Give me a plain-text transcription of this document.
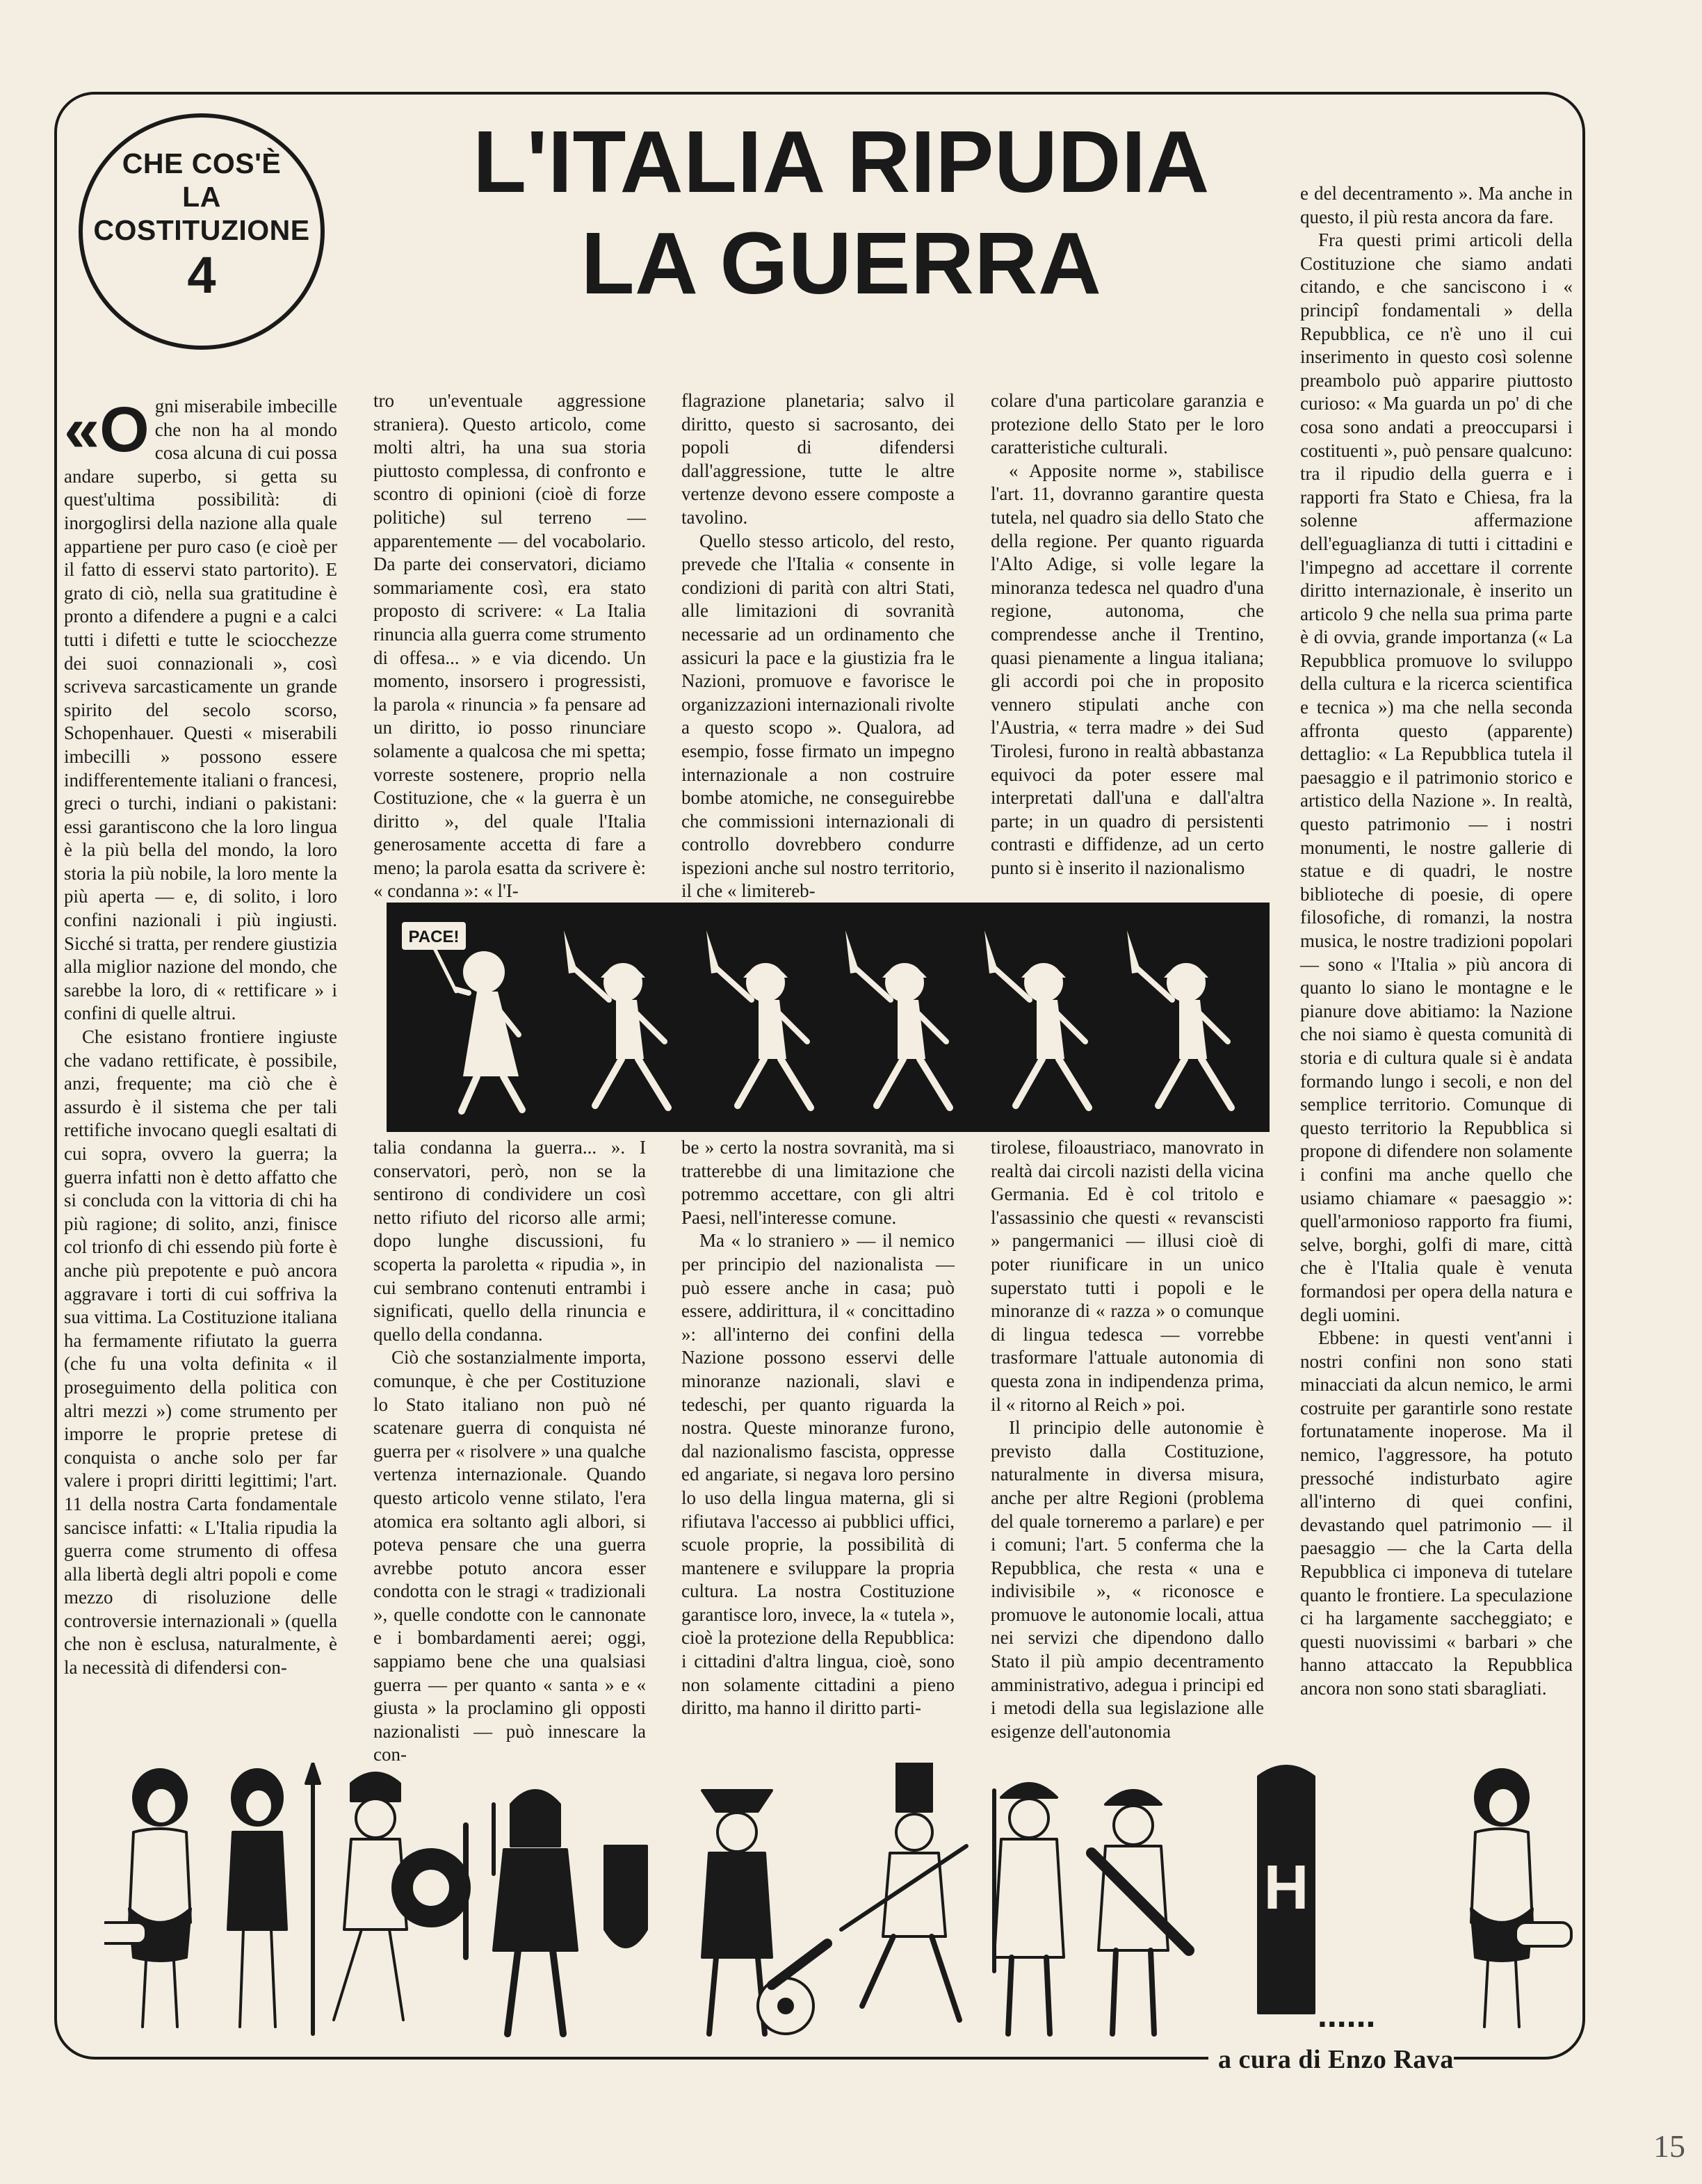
CHE COS'È
LA
COSTITUZIONE
4
L'ITALIA RIPUDIA
LA GUERRA

«Ogni miserabile imbecille che non ha al mondo cosa alcuna di cui possa andare superbo, si getta su quest'ultima possibilità: di inorgoglirsi della nazione alla quale appartiene per puro caso (e cioè per il fatto di esservi stato partorito). E grato di ciò, nella sua gratitudine è pronto a difendere a pugni e a calci tutti i difetti e tutte le sciocchezze dei suoi connazionali », così scriveva sarcasticamente un grande spirito del secolo scorso, Schopenhauer. Questi « miserabili imbecilli » possono essere indifferentemente italiani o francesi, greci o turchi, indiani o pakistani: essi garantiscono che la loro lingua è la più bella del mondo, la loro storia la più nobile, la loro mente la più aperta — e, di solito, i loro confini nazionali i più ingiusti. Sicché si tratta, per rendere giustizia alla miglior nazione del mondo, che sarebbe la loro, di « rettificare » i confini di quelle altrui.

Che esistano frontiere ingiuste che vadano rettificate, è possibile, anzi, frequente; ma ciò che è assurdo è il sistema che per tali rettifiche invocano quegli esaltati di cui sopra, ovvero la guerra; la guerra infatti non è detto affatto che si concluda con la vittoria di chi ha più ragione; di solito, anzi, finisce col trionfo di chi essendo più forte è anche più prepotente e può ancora aggravare i torti di cui soffriva la sua vittima. La Costituzione italiana ha fermamente rifiutato la guerra (che fu una volta definita « il proseguimento della politica con altri mezzi ») come strumento per imporre le proprie pretese di conquista o anche solo per far valere i propri diritti legittimi; l'art. 11 della nostra Carta fondamentale sancisce infatti: « L'Italia ripudia la guerra come strumento di offesa alla libertà degli altri popoli e come mezzo di risoluzione delle controversie internazionali » (quella che non è esclusa, naturalmente, è la necessità di difendersi con-

tro un'eventuale aggressione straniera). Questo articolo, come molti altri, ha una sua storia piuttosto complessa, di confronto e scontro di opinioni (cioè di forze politiche) sul terreno — apparentemente — del vocabolario. Da parte dei conservatori, diciamo sommariamente così, era stato proposto di scrivere: « La Italia rinuncia alla guerra come strumento di offesa... » e via dicendo. Un momento, insorsero i progressisti, la parola « rinuncia » fa pensare ad un diritto, io posso rinunciare solamente a qualcosa che mi spetta; vorreste sostenere, proprio nella Costituzione, che « la guerra è un diritto », del quale l'Italia generosamente accetta di fare a meno; la parola esatta da scrivere è: « condanna »: « l'I-

flagrazione planetaria; salvo il diritto, questo si sacrosanto, dei popoli di difendersi dall'aggressione, tutte le altre vertenze devono essere composte a tavolino.

Quello stesso articolo, del resto, prevede che l'Italia « consente in condizioni di parità con altri Stati, alle limitazioni di sovranità necessarie ad un ordinamento che assicuri la pace e la giustizia fra le Nazioni, promuove e favorisce le organizzazioni internazionali rivolte a questo scopo ». Qualora, ad esempio, fosse firmato un impegno internazionale a non costruire bombe atomiche, ne conseguirebbe che commissioni internazionali di controllo dovrebbero condurre ispezioni anche sul nostro territorio, il che « limitereb-

colare d'una particolare garanzia e protezione dello Stato per le loro caratteristiche culturali.

« Apposite norme », stabilisce l'art. 11, dovranno garantire questa tutela, nel quadro sia dello Stato che della regione. Per quanto riguarda l'Alto Adige, si volle legare la minoranza tedesca nel quadro d'una regione, autonoma, che comprendesse anche il Trentino, quasi pienamente a lingua italiana; gli accordi poi che in proposito vennero stipulati anche con l'Austria, « terra madre » dei Sud Tirolesi, furono in realtà abbastanza equivoci da poter essere mal interpretati dall'una e dall'altra parte; in un quadro di persistenti contrasti e diffidenze, ad un certo punto si è inserito il nazionalismo

PACE!

talia condanna la guerra... ». I conservatori, però, non se la sentirono di condividere un così netto rifiuto del ricorso alle armi; dopo lunghe discussioni, fu scoperta la paroletta « ripudia », in cui sembrano contenuti entrambi i significati, quello della rinuncia e quello della condanna.

Ciò che sostanzialmente importa, comunque, è che per Costituzione lo Stato italiano non può né scatenare guerra di conquista né guerra per « risolvere » una qualche vertenza internazionale. Quando questo articolo venne stilato, l'era atomica era soltanto agli albori, si poteva pensare che una guerra avrebbe potuto ancora esser condotta con le stragi « tradizionali », quelle condotte con le cannonate e i bombardamenti aerei; oggi, sappiamo bene che una qualsiasi guerra — per quanto « santa » e « giusta » la proclamino gli opposti nazionalisti — può innescare la con-

be » certo la nostra sovranità, ma si tratterebbe di una limitazione che potremmo accettare, con gli altri Paesi, nell'interesse comune.

Ma « lo straniero » — il nemico per principio del nazionalista — può essere anche in casa; può essere, addirittura, il « concittadino »: all'interno dei confini della Nazione possono esservi delle minoranze nazionali, slavi e tedeschi, per quanto riguarda la nostra. Queste minoranze furono, dal nazionalismo fascista, oppresse ed angariate, si negava loro persino lo uso della lingua materna, gli si rifiutava l'accesso ai pubblici uffici, scuole proprie, la possibilità di mantenere e sviluppare la propria cultura. La nostra Costituzione garantisce loro, invece, la « tutela », cioè la protezione della Repubblica: i cittadini d'altra lingua, cioè, sono non solamente cittadini a pieno diritto, ma hanno il diritto parti-

tirolese, filoaustriaco, manovrato in realtà dai circoli nazisti della vicina Germania. Ed è col tritolo e l'assassinio che questi « revanscisti » pangermanici — illusi cioè di poter riunificare in un unico superstato tutti i popoli e le minoranze di « razza » o comunque di lingua tedesca — vorrebbe trasformare l'attuale autonomia di questa zona in indipendenza prima, il « ritorno al Reich » poi.

Il principio delle autonomie è previsto dalla Costituzione, naturalmente in diversa misura, anche per altre Regioni (problema del quale torneremo a parlare) e per i comuni; l'art. 5 conferma che la Repubblica, che resta « una e indivisibile », « riconosce e promuove le autonomie locali, attua nei servizi che dipendono dallo Stato il più ampio decentramento amministrativo, adegua i principi ed i metodi della sua legislazione alle esigenze dell'autonomia

e del decentramento ». Ma anche in questo, il più resta ancora da fare.

Fra questi primi articoli della Costituzione che siamo andati citando, e che sanciscono i « principî fondamentali » della Repubblica, ce n'è uno il cui inserimento in questo così solenne preambolo può apparire piuttosto curioso: « Ma guarda un po' di che cosa sono andati a preoccuparsi i costituenti », può pensare qualcuno: tra il ripudio della guerra e i rapporti fra Stato e Chiesa, fra la solenne affermazione dell'eguaglianza di tutti i cittadini e l'impegno ad accettare il corrente diritto internazionale, è inserito un articolo 9 che nella sua prima parte è di ovvia, grande importanza (« La Repubblica promuove lo sviluppo della cultura e la ricerca scientifica e tecnica ») ma che nella seconda affronta questo (apparente) dettaglio: « La Repubblica tutela il paesaggio e il patrimonio storico e artistico della Nazione ». In realtà, questo patrimonio — i nostri monumenti, le nostre gallerie di statue e di quadri, le nostre biblioteche di poesie, di opere filosofiche, di romanzi, la nostra musica, le nostre tradizioni popolari — sono « l'Italia » più ancora di quanto lo siano le montagne e le pianure dove abitiamo: la Nazione che noi siamo è questa comunità di storia e di cultura quale si è andata formando lungo i secoli, e non del semplice territorio. Comunque di questo territorio la Repubblica si propone di difendere non solamente i confini ma anche quello che usiamo chiamare « paesaggio »: quell'armonioso rapporto fra fiumi, selve, borghi, golfi di mare, città che è l'Italia quale è venuta formandosi per opera della natura e degli uomini.

Ebbene: in questi vent'anni i nostri confini non sono stati minacciati da alcun nemico, le armi costruite per garantirle sono restate fortunatamente inoperose. Ma il nemico, l'aggressore, ha potuto pressoché indisturbato agire all'interno di quei confini, devastando quel patrimonio — il paesaggio — che la Carta della Repubblica ci imponeva di tutelare quanto le frontiere. La speculazione ci ha largamente saccheggiato; e questi nuovissimi « barbari » che hanno attaccato la Repubblica ancora non sono stati sbaragliati.

H
......
a cura di Enzo Rava
15
